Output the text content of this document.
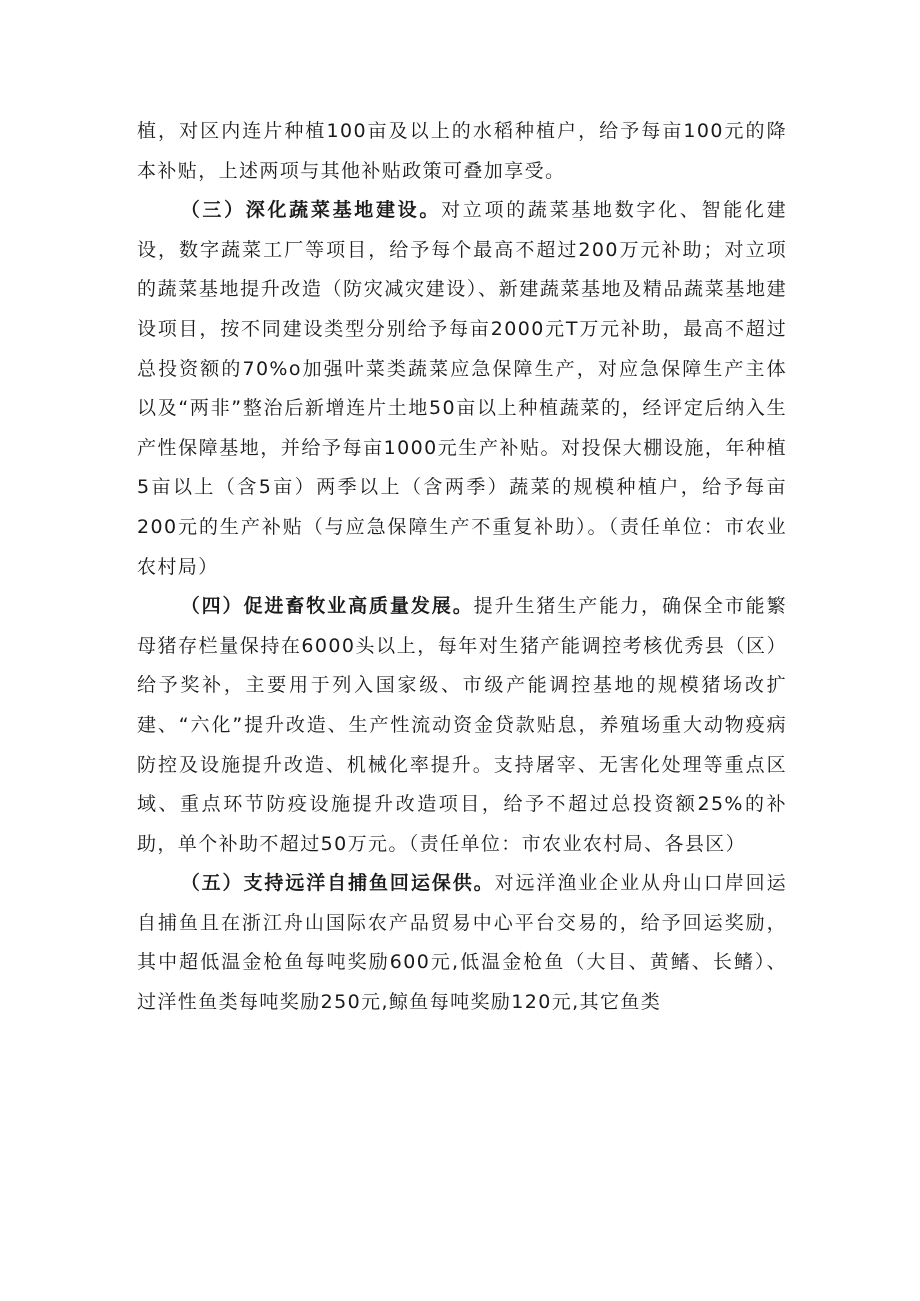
植，对区内连片种植100亩及以上的水稻种植户，给予每亩100元的降本补贴，上述两项与其他补贴政策可叠加享受。

（三）深化蔬菜基地建设。对立项的蔬菜基地数字化、智能化建设，数字蔬菜工厂等项目，给予每个最高不超过200万元补助；对立项的蔬菜基地提升改造（防灾减灾建设）、新建蔬菜基地及精品蔬菜基地建设项目，按不同建设类型分别给予每亩2000元T万元补助，最高不超过总投资额的70%o加强叶菜类蔬菜应急保障生产，对应急保障生产主体以及“两非”整治后新增连片土地50亩以上种植蔬菜的，经评定后纳入生产性保障基地，并给予每亩1000元生产补贴。对投保大棚设施，年种植5亩以上（含5亩）两季以上（含两季）蔬菜的规模种植户，给予每亩200元的生产补贴（与应急保障生产不重复补助）。（责任单位：市农业农村局）

（四）促进畜牧业高质量发展。提升生猪生产能力，确保全市能繁母猪存栏量保持在6000头以上，每年对生猪产能调控考核优秀县（区）给予奖补，主要用于列入国家级、市级产能调控基地的规模猪场改扩建、“六化”提升改造、生产性流动资金贷款贴息，养殖场重大动物疫病防控及设施提升改造、机械化率提升。支持屠宰、无害化处理等重点区域、重点环节防疫设施提升改造项目，给予不超过总投资额25%的补助，单个补助不超过50万元。（责任单位：市农业农村局、各县区）

（五）支持远洋自捕鱼回运保供。对远洋渔业企业从舟山口岸回运自捕鱼且在浙江舟山国际农产品贸易中心平台交易的，给予回运奖励，其中超低温金枪鱼每吨奖励600元,低温金枪鱼（大目、黄鳍、长鳍）、过洋性鱼类每吨奖励250元,鲸鱼每吨奖励120元,其它鱼类
